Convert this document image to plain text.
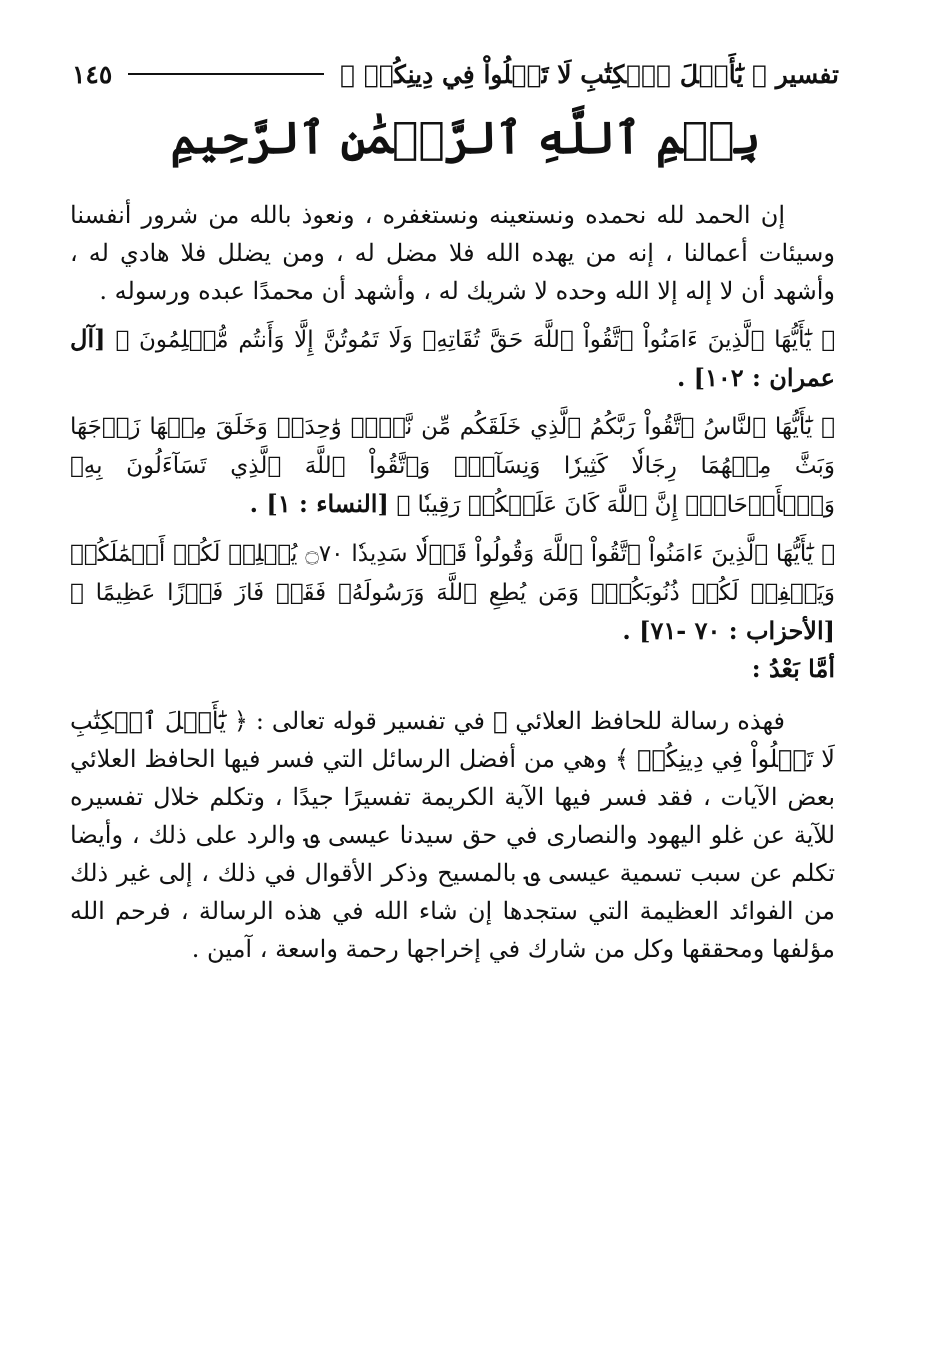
تفسير ﴿ يَٰٓأَهۡلَ ٱلۡكِتَٰبِ لَا تَغۡلُواْ فِي دِينِكُمۡ ﴾
١٤٥
بِسۡمِ ٱللَّهِ ٱلرَّحۡمَٰنِ ٱلرَّحِيمِ

إن الحمد لله نحمده ونستعينه ونستغفره ، ونعوذ بالله من شرور أنفسنا وسيئات أعمالنا ، إنه من يهده الله فلا مضل له ، ومن يضلل فلا هادي له ، وأشهد أن لا إله إلا الله وحده لا شريك له ، وأشهد أن محمدًا عبده ورسوله .

﴿ يَٰٓأَيُّهَا ٱلَّذِينَ ءَامَنُواْ ٱتَّقُواْ ٱللَّهَ حَقَّ تُقَاتِهِۦ وَلَا تَمُوتُنَّ إِلَّا وَأَنتُم مُّسۡلِمُونَ ﴾ [آل عمران : ١٠٢] .

﴿ يَٰٓأَيُّهَا ٱلنَّاسُ ٱتَّقُواْ رَبَّكُمُ ٱلَّذِي خَلَقَكُم مِّن نَّفۡسٖ وَٰحِدَةٖ وَخَلَقَ مِنۡهَا زَوۡجَهَا وَبَثَّ مِنۡهُمَا رِجَالٗا كَثِيرٗا وَنِسَآءٗۚ وَٱتَّقُواْ ٱللَّهَ ٱلَّذِي تَسَآءَلُونَ بِهِۦ وَٱلۡأَرۡحَامَۚ إِنَّ ٱللَّهَ كَانَ عَلَيۡكُمۡ رَقِيبٗا ﴾ [النساء : ١] .

﴿ يَٰٓأَيُّهَا ٱلَّذِينَ ءَامَنُواْ ٱتَّقُواْ ٱللَّهَ وَقُولُواْ قَوۡلٗا سَدِيدٗا ۝٧٠ يُصۡلِحۡ لَكُمۡ أَعۡمَٰلَكُمۡ وَيَغۡفِرۡ لَكُمۡ ذُنُوبَكُمۡۗ وَمَن يُطِعِ ٱللَّهَ وَرَسُولَهُۥ فَقَدۡ فَازَ فَوۡزًا عَظِيمًا ﴾ [الأحزاب : ٧٠ -٧١] .

أمَّا بَعْدُ :

فهذه رسالة للحافظ العلائي ﵀ في تفسير قوله تعالى : ﴿ يَٰٓأَهۡلَ ٱلۡكِتَٰبِ لَا تَغۡلُواْ فِي دِينِكُمۡ ﴾ وهي من أفضل الرسائل التي فسر فيها الحافظ العلائي بعض الآيات ، فقد فسر فيها الآية الكريمة تفسيرًا جيدًا ، وتكلم خلال تفسيره للآية عن غلو اليهود والنصارى في حق سيدنا عيسى ؈ والرد على ذلك ، وأيضا تكلم عن سبب تسمية عيسى ؈ بالمسيح وذكر الأقوال في ذلك ، إلى غير ذلك من الفوائد العظيمة التي ستجدها إن شاء الله في هذه الرسالة ، فرحم الله مؤلفها ومحققها وكل من شارك في إخراجها رحمة واسعة ، آمين .
